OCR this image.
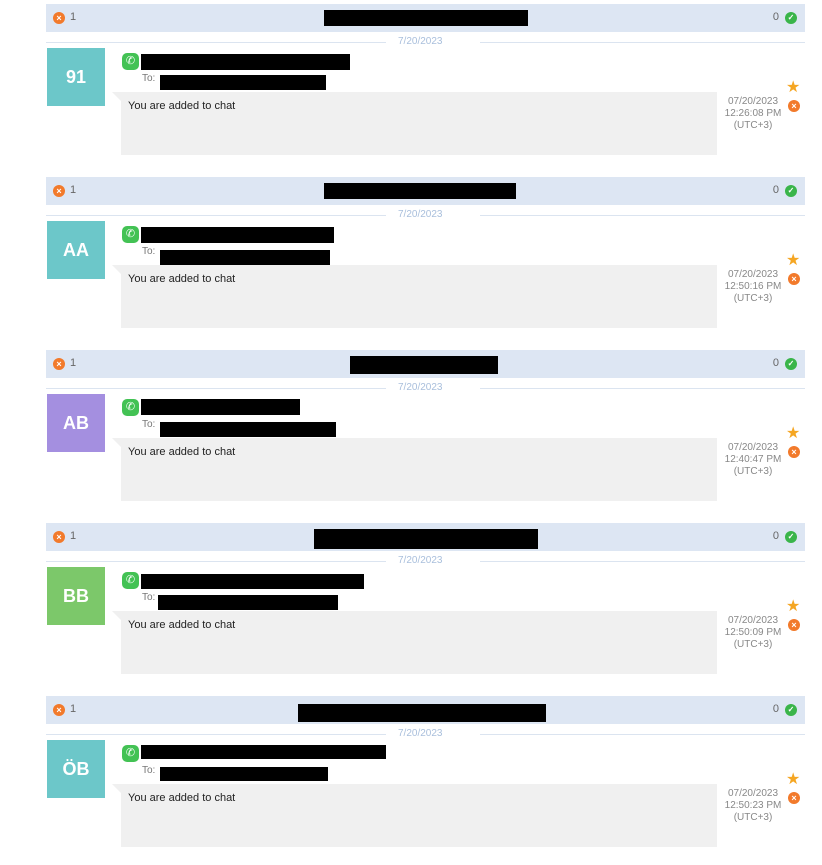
× 1	0	✓
7/20/2023
91
✆
To:
You are added to chat
★
07/20/2023 12:26:08 PM (UTC+3)
×
× 1	0	✓
7/20/2023
AA
✆
To:
You are added to chat
★
07/20/2023 12:50:16 PM (UTC+3)
×
× 1	0	✓
7/20/2023
AB
✆
To:
You are added to chat
★
07/20/2023 12:40:47 PM (UTC+3)
×
× 1	0	✓
7/20/2023
BB
✆
To:
You are added to chat
★
07/20/2023 12:50:09 PM (UTC+3)
×
× 1	0	✓
7/20/2023
ÖB
✆
To:
You are added to chat
★
07/20/2023 12:50:23 PM (UTC+3)
×
